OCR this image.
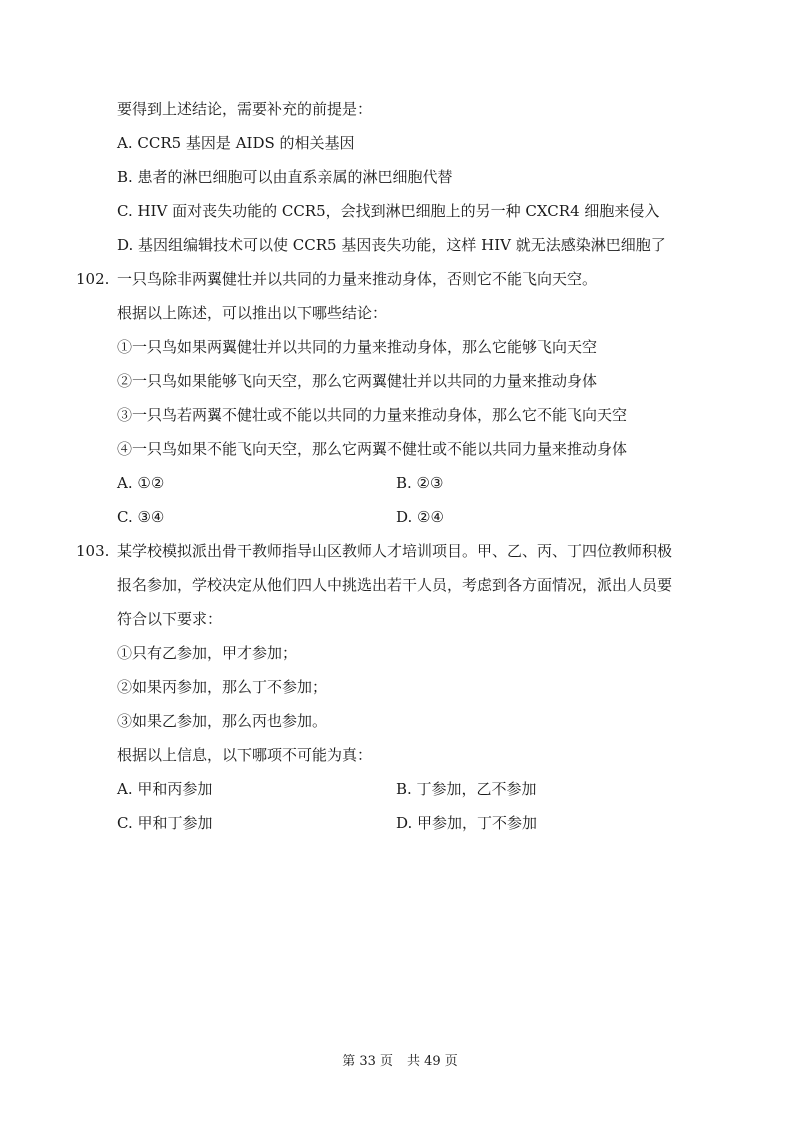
要得到上述结论，需要补充的前提是：
A. CCR5 基因是 AIDS 的相关基因
B. 患者的淋巴细胞可以由直系亲属的淋巴细胞代替
C. HIV 面对丧失功能的 CCR5，会找到淋巴细胞上的另一种 CXCR4 细胞来侵入
D. 基因组编辑技术可以使 CCR5 基因丧失功能，这样 HIV 就无法感染淋巴细胞了
102. 一只鸟除非两翼健壮并以共同的力量来推动身体，否则它不能飞向天空。
根据以上陈述，可以推出以下哪些结论：
①一只鸟如果两翼健壮并以共同的力量来推动身体，那么它能够飞向天空
②一只鸟如果能够飞向天空，那么它两翼健壮并以共同的力量来推动身体
③一只鸟若两翼不健壮或不能以共同的力量来推动身体，那么它不能飞向天空
④一只鸟如果不能飞向天空，那么它两翼不健壮或不能以共同力量来推动身体
A. ①②	B. ②③
C. ③④	D. ②④
103. 某学校模拟派出骨干教师指导山区教师人才培训项目。甲、乙、丙、丁四位教师积极
报名参加，学校决定从他们四人中挑选出若干人员，考虑到各方面情况，派出人员要
符合以下要求：
①只有乙参加，甲才参加；
②如果丙参加，那么丁不参加；
③如果乙参加，那么丙也参加。
根据以上信息，以下哪项不可能为真：
A. 甲和丙参加	B. 丁参加，乙不参加
C. 甲和丁参加	D. 甲参加，丁不参加
第 33 页 共 49 页
